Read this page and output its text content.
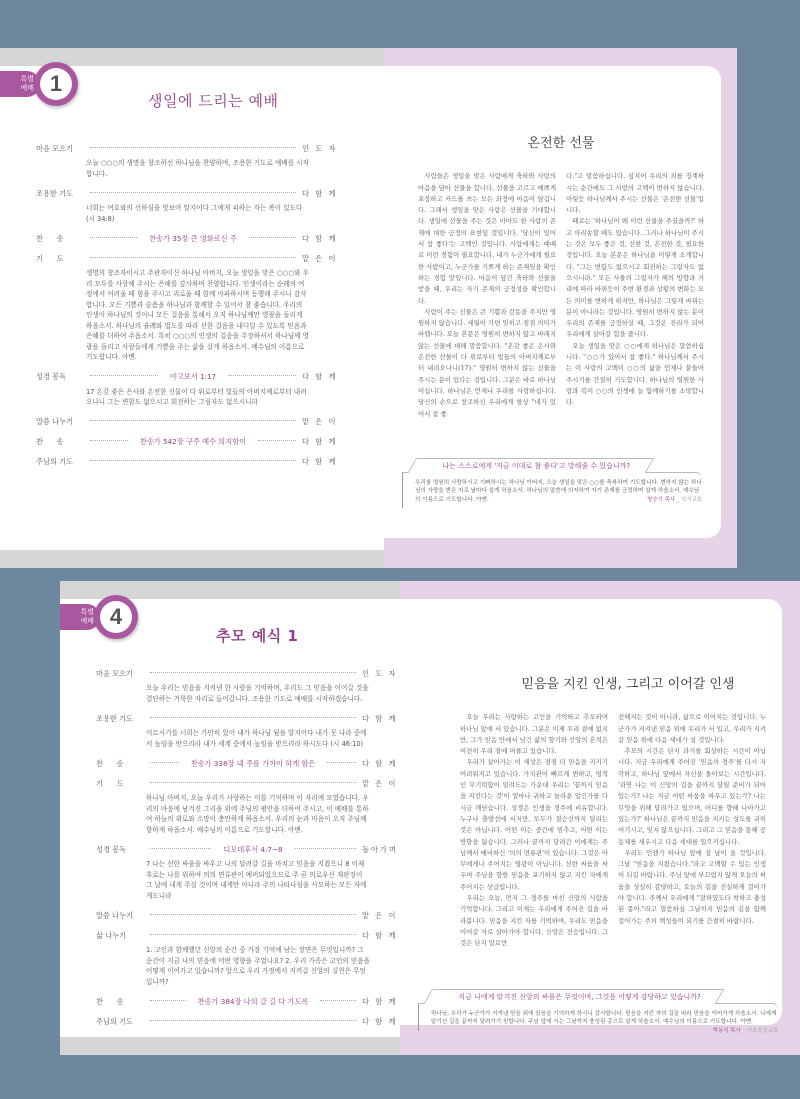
생일에 드리는 예배
마음 모으기	인 도 자
오늘 ○○○의 생명을 창조하신 하나님을 찬양하며, 조용한 기도로 예배를 시작합니다.
조용한 기도	다 함 께
너희는 여호와의 선하심을 맛보아 알지어다 그에게 피하는 자는 복이 있도다 (시 34:8)
찬      송	찬송가 35장 큰 영화로신 주	다 함 께
기      도	맡 은 이
생명의 창조자이시고 주관자이신 하나님 아버지, 오늘 생일을 맞은 ○○○와 우리 모두를 사랑해 주시는 은혜를 감사하며 찬양합니다. 인생이라는 순례의 여정에서 어려울 때 힘을 주시고 괴로울 때 함께 아파하시며 동행해 주시니 감사합니다. 모든 기쁨과 슬픔을 하나님과 함께할 수 있어서 참 좋습니다. 우리의 인생이 하나님의 것이니 모든 걸음을 통해서 오직 하나님께만 영광을 돌리게 하옵소서. 하나님의 율례와 법도를 따라 선한 걸음을 내디딜 수 있도록 믿음과 은혜를 더하여 주옵소서. 특히 ○○○의 인생의 걸음을 주장하셔서 하나님께 영광을 돌리고 사람들에게 기쁨을 주는 삶을 살게 하옵소서. 예수님의 이름으로 기도합니다. 아멘.
성경 봉독	야고보서 1:17	다 함 께
17 온갖 좋은 은사와 온전한 선물이 다 위로부터 빛들의 아버지께로부터 내려오나니 그는 변함도 없으시고 회전하는 그림자도 없으시니라
말씀 나누기	맡 은 이
찬      송	찬송가 542장 구주 예수 의지함이	다 함 께
주님의 기도	다 함 께
특별
예배 1
온전한 선물

사람들은 생일을 맞은 사람에게 축하와 사랑의 마음을 담아 선물을 합니다. 선물을 고르고 예쁘게 포장하고 카드를 쓰는 모든 과정에 마음이 담깁니다. 그래서 생일을 맞은 사람은 선물을 기대합니다. 생일에 선물을 주는 것은 아마도 한 사람의 존재에 대한 긍정의 표현일 것입니다. '당신이 있어서 참 좋다'는 고백인 것입니다. 사람에게는 때때로 이런 경험이 필요합니다. 내가 누군가에게 필요한 사람이고, 누군가를 기쁘게 하는 존재임을 확인하는 경험 말입니다. 마음이 담긴 축하와 선물을 받을 때, 우리는 자기 존재의 긍정성을 확인합니다.

사람이 주는 선물은 큰 기쁨과 감동을 주지만 영원하지 않습니다. 세월이 가면 잊히고 점점 의미가 바랩니다. 오늘 본문은 영원히 변하지 않고 바래지 않는 선물에 대해 말씀합니다. "온갖 좋은 은사와 온전한 선물이 다 위로부터 빛들의 아버지께로부터 내려오나니(17)." 영원히 변하지 않는 선물을 주시는 분이 있다는 것입니다. 그분은 바로 하나님이십니다. 하나님은 언제나 우리를 사랑하십니다. 당신의 손으로 창조하신 우리에게 항상 "네가 있어서 참 좋

다."고 말씀하십니다. 심지어 우리의 죄를 징계하시는 순간에도 그 사랑의 고백이 변하지 않습니다. 이렇듯 하나님께서 주시는 선물은 '온전한 선물'입니다.

때로는 '하나님이 왜 이런 선물을 주셨을까?' 하고 아리송할 때도 있습니다. 그러나 하나님이 주시는 것은 모두 좋은 것, 선한 것, 온전한 것, 필요한 것입니다. 오늘 본문은 하나님을 이렇게 소개합니다. "그는 변함도 없으시고 회전하는 그림자도 없으시니라." 모든 사물의 그림자가 해의 방향과 거리에 따라 바뀌듯이 주변 환경과 상황의 변화는 모든 의미를 변하게 하지만, 하나님은 그렇게 바뀌는 분이 아니라는 것입니다. 영원히 변하지 않는 분이 우리의 존재를 긍정하실 때, 그것은 진리가 되어 우리에게 살아갈 힘을 줍니다.

오늘 생일을 맞은 ○○에게 하나님은 말씀하십니다. "○○가 있어서 참 좋다." 하나님께서 주시는 이 사랑의 고백이 ○○의 삶을 언제나 붙들어 주시기를 간절히 기도합니다. 하나님의 영원한 사랑과 복이 ○○의 인생에 늘 함께하기를 소망합니다.

나는 스스로에게 '지금 이대로 참 좋다'고 말해줄 수 있습니까?
우리를 영원히 사랑하시고 기뻐하시는 하나님 아버지, 오늘 생일을 맞은 ○○를 축복하여 기도합니다. 변하지 않는 하나님의 사랑을 받은 자로 날마다 살게 하옵소서. 하나님의 말씀에 의지하여 자기 존재를 긍정하며 살게 하옵소서. 예수님의 이름으로 기도합니다. 아멘.	방승기 목사 _ 성서교회
추모 예식 1
마음 모으기	인 도 자
오늘 우리는 믿음을 지켜낸 한 사람을 기억하며, 우리도 그 믿음을 이어갈 것을 결단하는 거룩한 자리로 들어갑니다. 조용한 기도로 예배를 시작하겠습니다.
조용한 기도	다 함 께
이르시기를 너희는 가만히 있어 내가 하나님 됨을 알지어다 내가 뭇 나라 중에서 높임을 받으리라 내가 세계 중에서 높임을 받으리라 하시도다 (시 46:10)
찬      송	찬송가 338장 내 주를 가까이 하게 함은	다 함 께
기      도	맡 은 이
하나님 아버지, 오늘 우리가 사랑하는 이를 기억하며 이 자리에 모였습니다. 우리의 마음에 남겨진 그리움 위에 주님의 평안을 더하여 주시고, 이 예배를 통하여 하늘의 위로와 소망이 충만하게 하옵소서. 우리의 눈과 마음이 오직 주님께 향하게 하옵소서. 예수님의 이름으로 기도합니다. 아멘.
성경 봉독	디모데후서 4:7~8	돌아가며
7 나는 선한 싸움을 싸우고 나의 달려갈 길을 마치고 믿음을 지켰으니 8 이제 후로는 나를 위하여 의의 면류관이 예비되었으므로 주 곧 의로우신 재판장이 그 날에 내게 주실 것이며 내게만 아니라 주의 나타나심을 사모하는 모든 자에게도니라
말씀 나누기	맡 은 이
삶 나누기	다 함 께
1. 고인과 함께했던 신앙의 순간 중 가장 기억에 남는 장면은 무엇입니까? 그 순간이 지금 나의 믿음에 어떤 영향을 주었나요? 2. 우리 가족은 고인의 믿음을 어떻게 이어가고 있습니까? 앞으로 우리 가정에서 지켜갈 신앙의 실천은 무엇입니까?
찬      송	찬송가 384장 나의 갈 길 다 가도록	다 함 께
주님의 기도	다 함 께
특별
예배 4
믿음을 지킨 인생, 그리고 이어갈 인생

오늘 우리는 사랑하는 고인을 기억하고 추모하며 하나님 앞에 서 있습니다. 그분은 이제 우리 곁에 없지만, 그가 믿음 안에서 남긴 삶의 향기와 신앙의 흔적은 여전히 우리 곁에 머물고 있습니다.

우리가 살아가는 이 세상은 점점 더 믿음을 지키기 어려워지고 있습니다. 가치관이 빠르게 변하고, 영적인 무기력함이 밀려드는 가운데 우리는 '끝까지 믿음을 지킨다는 것'이 얼마나 귀하고 놀라운 일인가를 다시금 깨닫습니다. 성경은 인생을 경주에 비유합니다. 누구나 출발선에 서지만, 모두가 결승선까지 달리는 것은 아닙니다. 어떤 이는 중간에 멈추고, 어떤 이는 방향을 잃습니다. 그러나 끝까지 달려간 이에게는 주님께서 예비하신 '의의 면류관'이 있습니다. 그것은 아무에게나 주어지는 영광이 아닙니다. 선한 싸움을 싸우며 주님을 향한 믿음을 포기하지 않고 지킨 자에게 주어지는 상급입니다.

우리는 오늘, 먼저 그 경주를 마친 신앙의 사람을 기억합니다. 그리고 이제는 우리에게 주어진 길을 바라봅니다. 믿음을 지킨 자를 기억하며, 우리도 믿음을 이어갈 자로 살아가야 합니다. 신앙은 전승입니다. 그것은 단지 말로만

전해지는 것이 아니라, 삶으로 이어지는 것입니다. 누군가가 지켜낸 믿음 위에 우리가 서 있고, 우리가 지켜갈 믿음 위에 다음 세대가 설 것입니다.

추모의 시간은 단지 과거를 회상하는 시간이 아닙니다. 지금 우리에게 주어진 '믿음의 경주'를 다시 자각하고, 하나님 앞에서 자신을 돌아보는 시간입니다. '과연 나는 이 신앙의 길을 끝까지 달릴 준비가 되어 있는가? 나는 지금 어떤 싸움을 싸우고 있는가? 나는 무엇을 위해 달려가고 있으며, 어디를 향해 나아가고 있는가?' 하나님은 끝까지 믿음을 지키는 성도를 귀히 여기시고, 잊지 않으십니다. 그리고 그 믿음을 통해 공동체를 세우시고 다음 세대를 일으키십니다.

우리도 언젠가 하나님 앞에 설 날이 올 것입니다. 그날 "믿음을 지켰습니다."라고 고백할 수 있는 인생이 되길 바랍니다. 주님 앞에 부끄럽지 않게 오늘의 싸움을 성실히 감당하고, 오늘의 길을 진실하게 걸어가야 합니다. 주께서 우리에게 "잘하였도다 착하고 충성된 종아."라고 말씀하실 그날까지 믿음의 길을 함께 걸어가는 주의 백성들이 되기를 간절히 바랍니다.

지금 나에게 맡겨진 신앙의 싸움은 무엇이며, 그것을 어떻게 감당하고 있습니까?
하나님, 우리가 누군가가 지켜낸 믿음 위에 있음을 기억하게 하시니 감사합니다. 믿음을 지킨 자의 길을 따라 믿음을 이어가게 하옵소서. 나에게 맡기신 길을 끝까지 달려가기 원합니다. 주님 앞에 서는 그날까지 충성된 종으로 살게 하옵소서. 예수님의 이름으로 기도합니다. 아멘.
박동식 목사 _ 서초중앙교회
